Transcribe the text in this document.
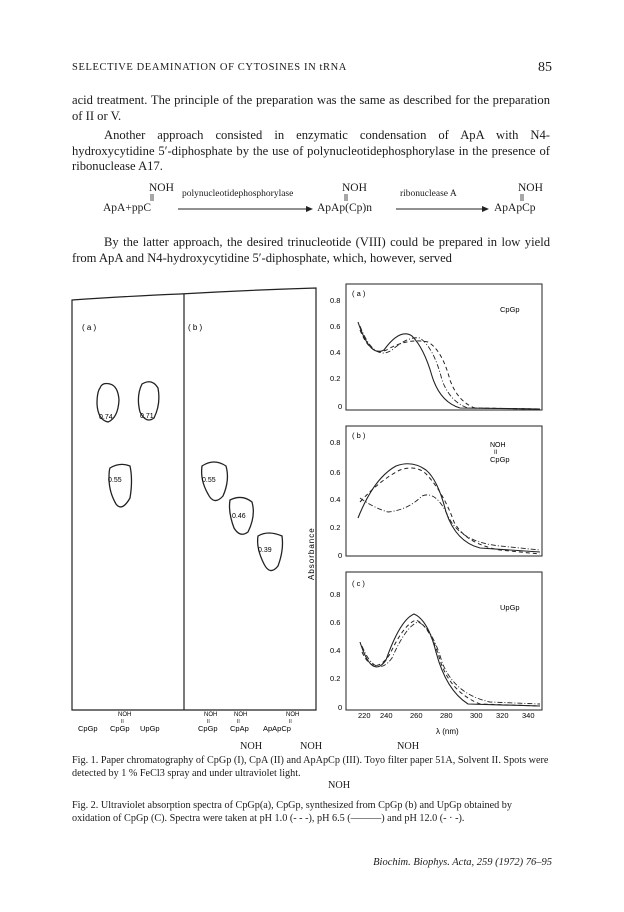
SELECTIVE DEAMINATION OF CYTOSINES IN tRNA	85
acid treatment. The principle of the preparation was the same as described for the preparation of II or V.
Another approach consisted in enzymatic condensation of ApA with N4-hydroxycytidine 5′-diphosphate by the use of polynucleotidephosphorylase in the presence of ribonuclease A17.
NOH
ApA+ppC
polynucleotidephosphorylase	NOH
ApAp(Cp)n
ribonuclease A	NOH
ApApCp
By the latter approach, the desired trinucleotide (VIII) could be prepared in low yield from ApA and N4-hydroxycytidine 5′-diphosphate, which, however, served
( a )	( b )
0.74	0.71
0.55	0.55
0.46
0.39
NOH
II
CpGp CpGp UpGp
NOH
II
NOH
II
NOH
II
CpGp CpAp ApApCp
( a )
CpGp
0.8
0.6
0.4
0.2
0
( b )
NOH
II
CpGp
0.8
0.6
0.4
0.2
0
( c )
UpGp
0.8
0.6
0.4
0.2
0
Absorbance
220 240 260 280 300 320 340
λ (nm)
NOH	NOH	NOH
Fig. 1. Paper chromatography of CpGp (I), CpA (II) and ApApCp (III). Toyo filter paper 51A, Solvent II. Spots were detected by 1 % FeCl3 spray and under ultraviolet light.
NOH
Fig. 2. Ultraviolet absorption spectra of CpGp(a), CpGp, synthesized from CpGp (b) and UpGp obtained by oxidation of CpGp (C). Spectra were taken at pH 1.0 (- - -), pH 6.5 (———) and pH 12.0 (- · -).
Biochim. Biophys. Acta, 259 (1972) 76–95
